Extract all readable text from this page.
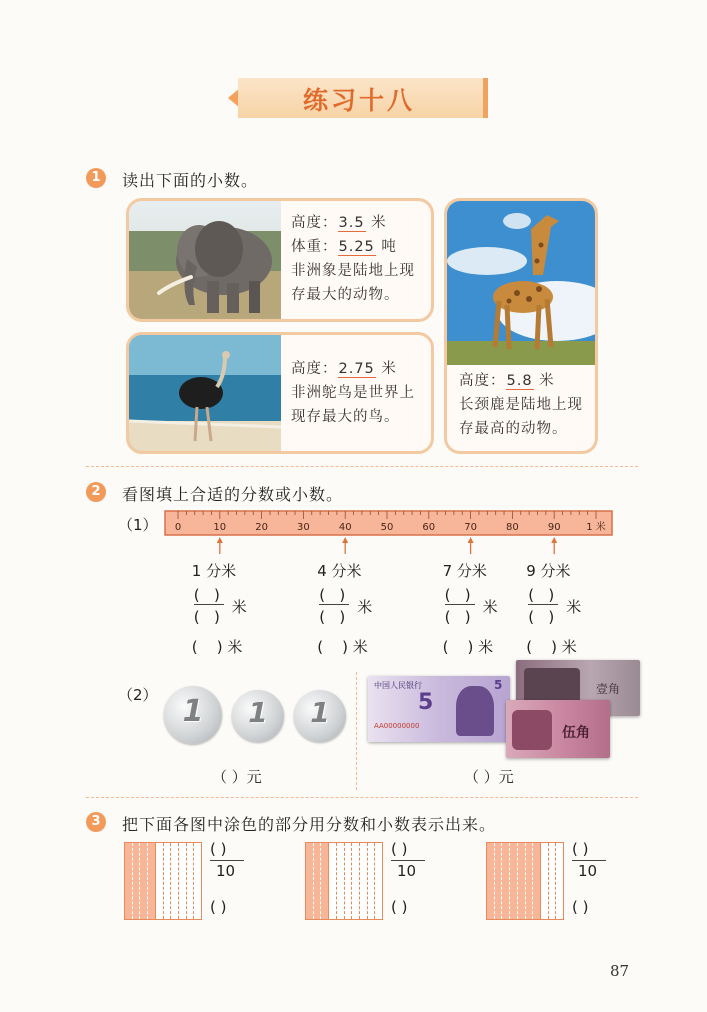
练习十八
1	读出下面的小数。
高度：3.5 米
体重：5.25 吨
非洲象是陆地上现
存最大的动物。
高度：2.75 米
非洲鸵鸟是世界上
现存最大的鸟。
高度：5.8 米
长颈鹿是陆地上现
存最高的动物。
2	看图填上合适的分数或小数。
（1） 0	10	20	30	40	50	60	70	80	90	1 米
1 分米
(   )
(   )
米
(    ) 米
4 分米
(   )
(   )
米
(    ) 米
7 分米
(   )
(   )
米
(    ) 米
9 分米
(   )
(   )
米
(    ) 米
（2） 1	1	1
（ ）元
壹角
中国人民银行
5
5
AA00000000	伍角
（ ）元
3	把下面各图中涂色的部分用分数和小数表示出来。
( )
10
( )
( )
10
( )
( )
10
( )
87
